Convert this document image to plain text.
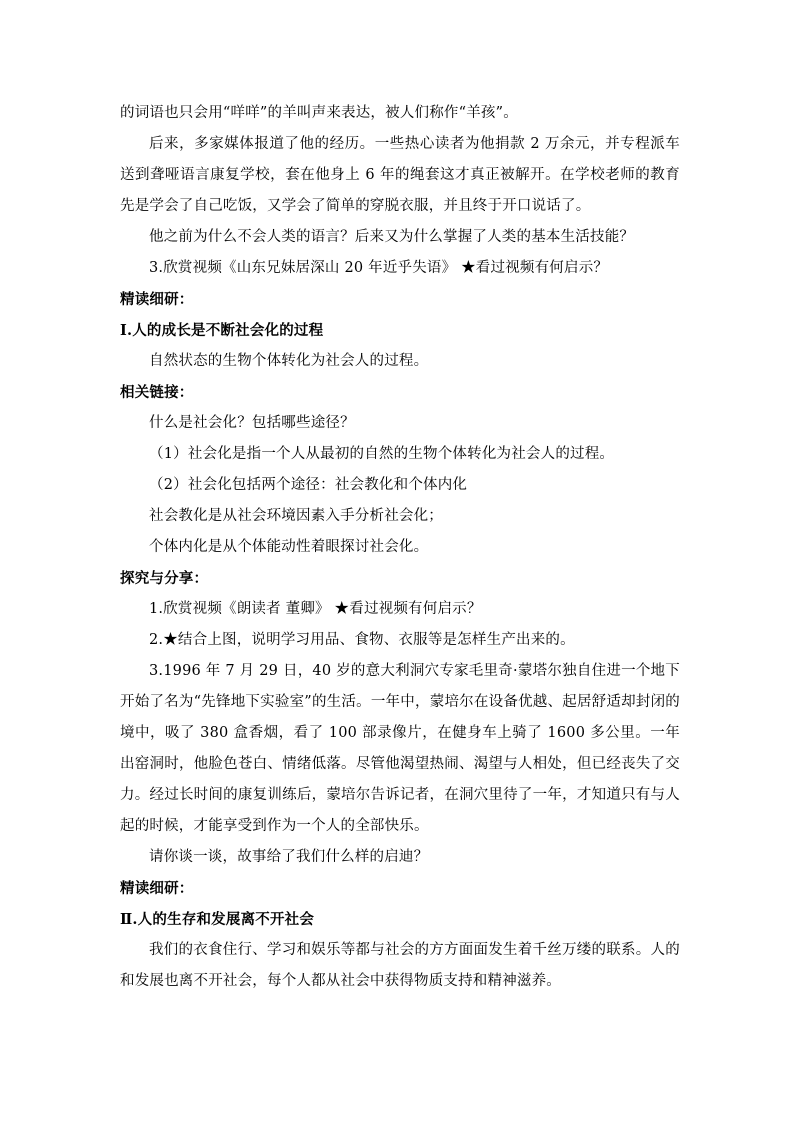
的词语也只会用“咩咩”的羊叫声来表达，被人们称作“羊孩”。
后来，多家媒体报道了他的经历。一些热心读者为他捐款 2 万余元，并专程派车
送到聋哑语言康复学校，套在他身上 6 年的绳套这才真正被解开。在学校老师的教育
先是学会了自己吃饭，又学会了简单的穿脱衣服，并且终于开口说话了。
他之前为什么不会人类的语言？后来又为什么掌握了人类的基本生活技能？
3.欣赏视频《山东兄妹居深山 20 年近乎失语》 ★看过视频有何启示？
精读细研：
Ⅰ.人的成长是不断社会化的过程
自然状态的生物个体转化为社会人的过程。
相关链接：
什么是社会化？包括哪些途径？
（1）社会化是指一个人从最初的自然的生物个体转化为社会人的过程。
（2）社会化包括两个途径：社会教化和个体内化
社会教化是从社会环境因素入手分析社会化；
个体内化是从个体能动性着眼探讨社会化。
探究与分享：
1.欣赏视频《朗读者 董卿》 ★看过视频有何启示？
2.★结合上图，说明学习用品、食物、衣服等是怎样生产出来的。
3.1996 年 7 月 29 日，40 岁的意大利洞穴专家毛里奇·蒙塔尔独自住进一个地下
开始了名为“先锋地下实验室”的生活。一年中，蒙培尔在设备优越、起居舒适却封闭的
境中，吸了 380 盒香烟，看了 100 部录像片，在健身车上骑了 1600 多公里。一年
出窑洞时，他脸色苍白、情绪低落。尽管他渴望热闹、渴望与人相处，但已经丧失了交
力。经过长时间的康复训练后，蒙培尔告诉记者，在洞穴里待了一年，才知道只有与人
起的时候，才能享受到作为一个人的全部快乐。
请你谈一谈，故事给了我们什么样的启迪？
精读细研：
Ⅱ.人的生存和发展离不开社会
我们的衣食住行、学习和娱乐等都与社会的方方面面发生着千丝万缕的联系。人的
和发展也离不开社会，每个人都从社会中获得物质支持和精神滋养。
